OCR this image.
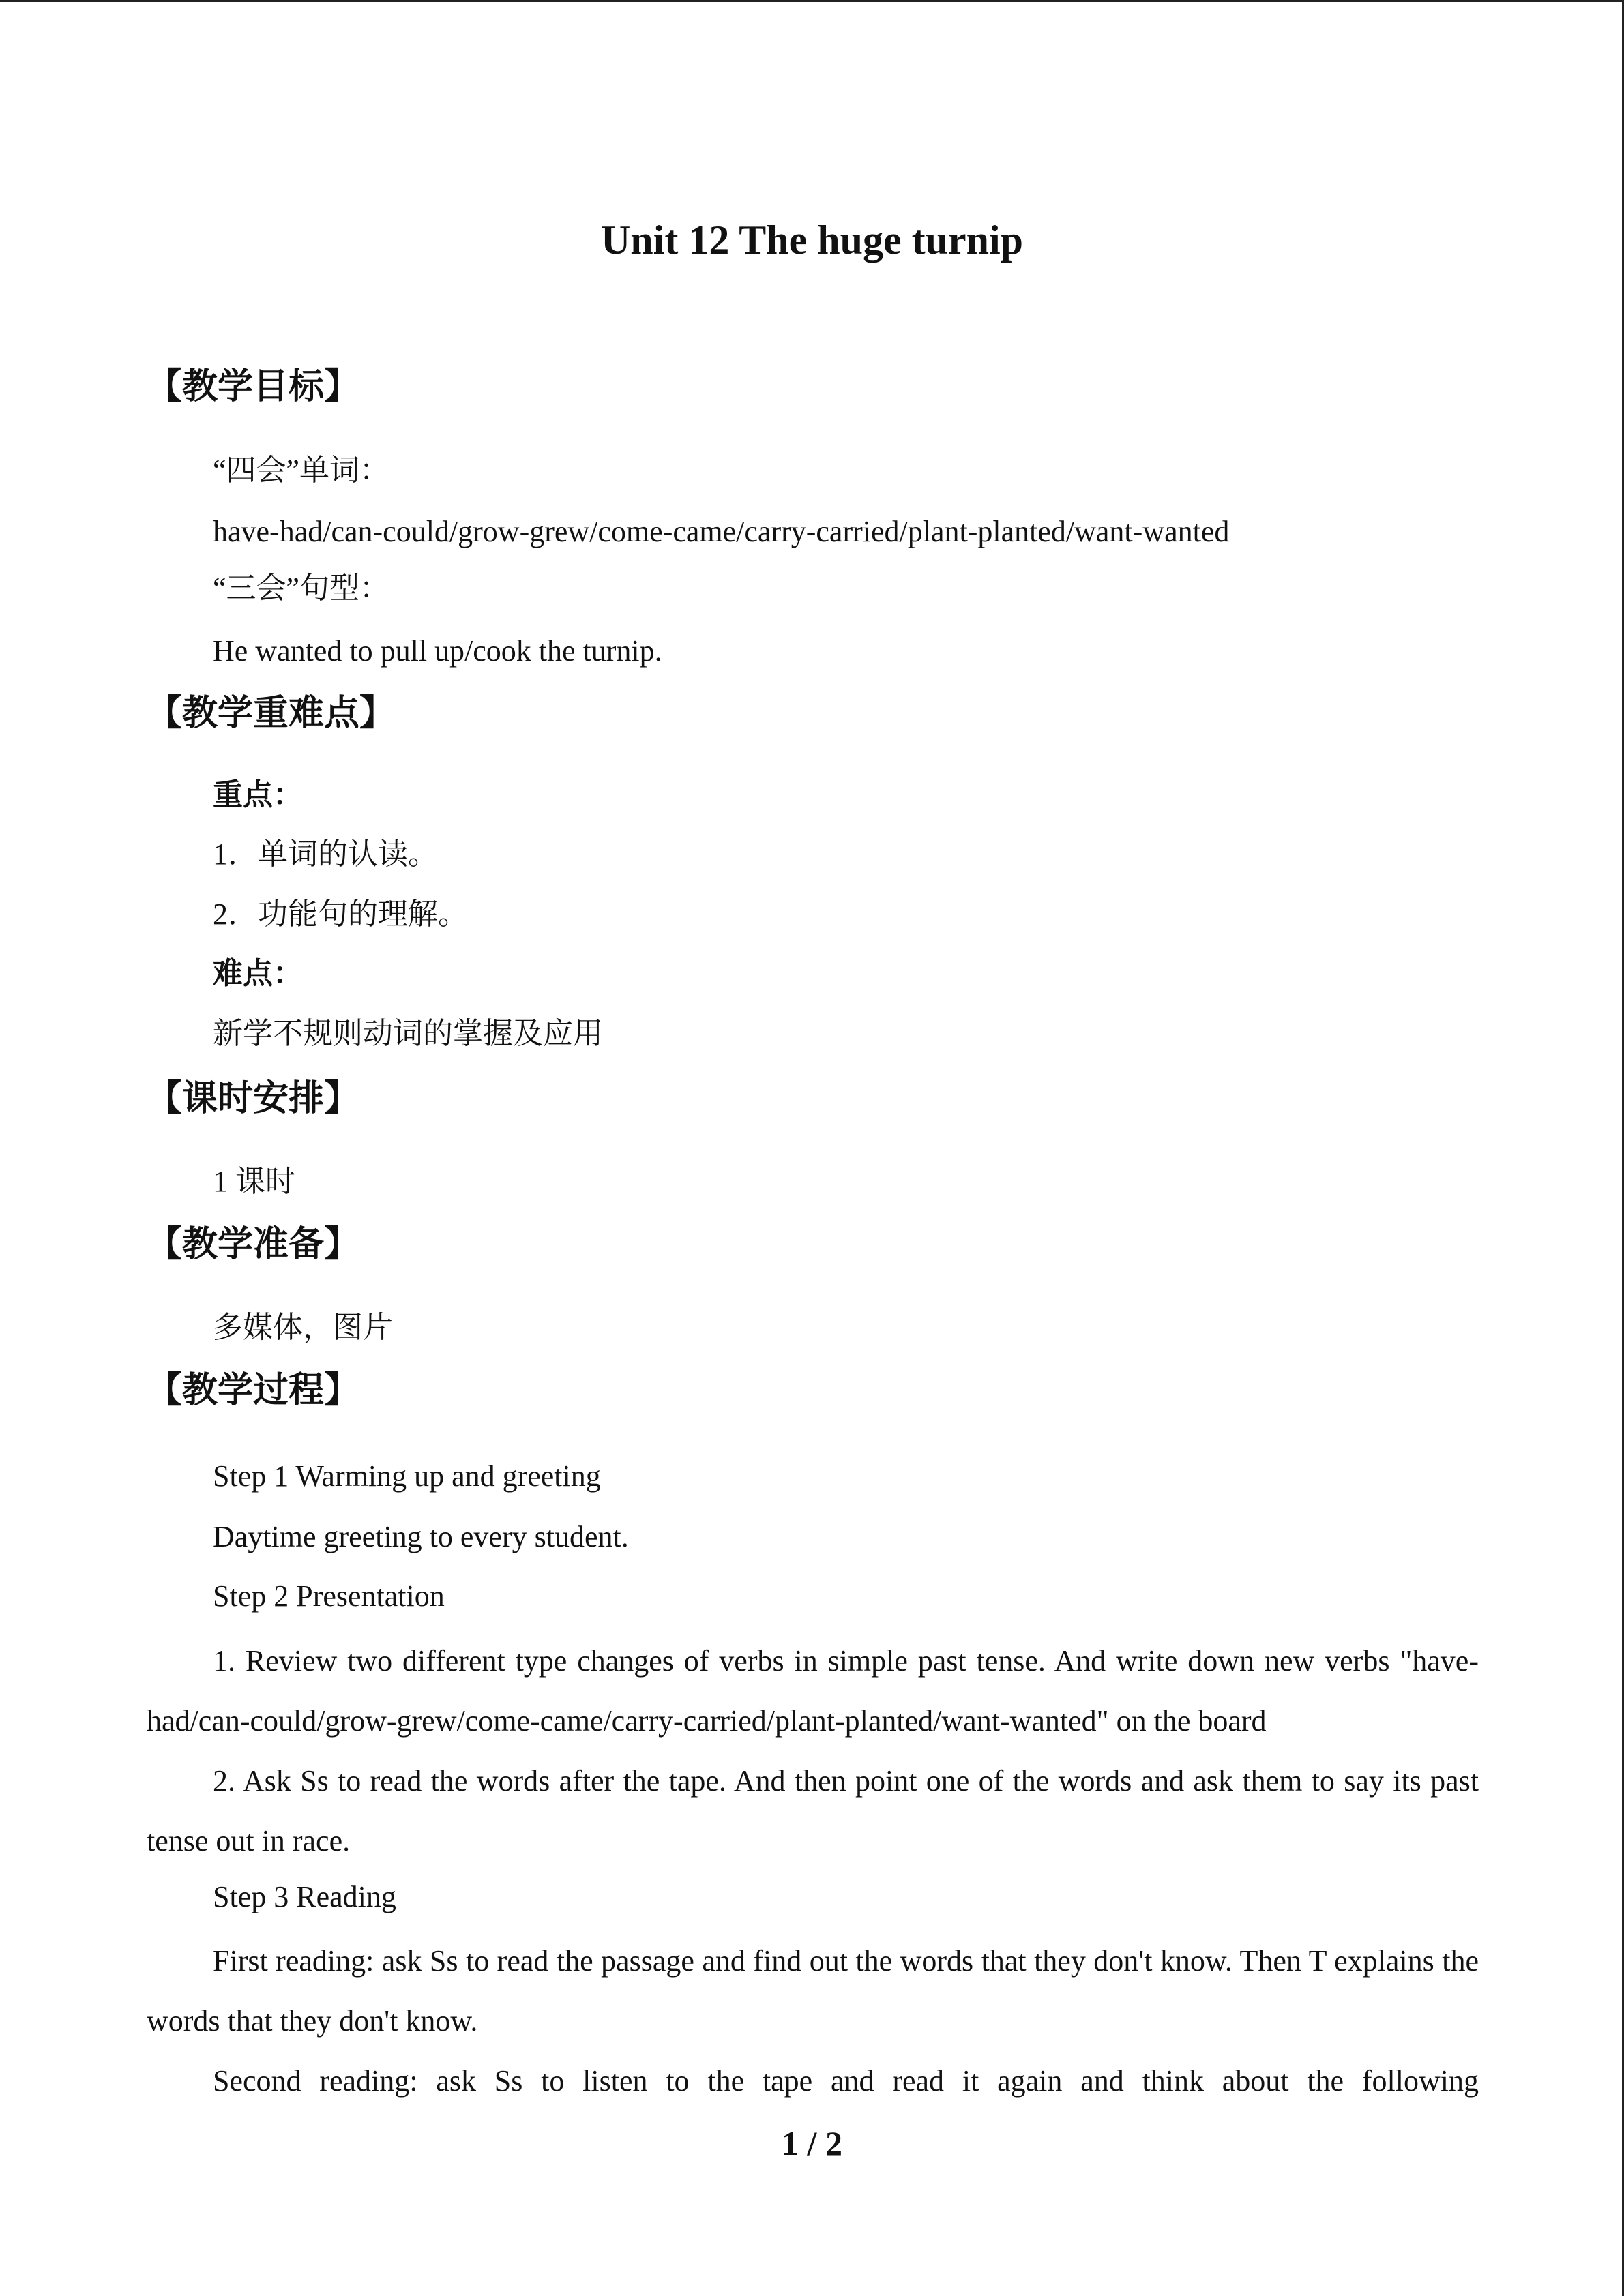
Unit 12 The huge turnip
【教学目标】
“四会”单词：
have-had/can-could/grow-grew/come-came/carry-carried/plant-planted/want-wanted
“三会”句型：
He wanted to pull up/cook the turnip.
【教学重难点】
重点：
1．单词的认读。
2．功能句的理解。
难点：
新学不规则动词的掌握及应用
【课时安排】
1 课时
【教学准备】
多媒体，图片
【教学过程】
Step 1 Warming up and greeting
Daytime greeting to every student.
Step 2 Presentation
1. Review two different type changes of verbs in simple past tense. And write down new verbs "have-had/can-could/grow-grew/come-came/carry-carried/plant-planted/want-wanted" on the board
2. Ask Ss to read the words after the tape. And then point one of the words and ask them to say its past tense out in race.
Step 3 Reading
First reading: ask Ss to read the passage and find out the words that they don't know. Then T explains the words that they don't know.
Second reading: ask Ss to listen to the tape and read it again and think about the following
1 / 2
